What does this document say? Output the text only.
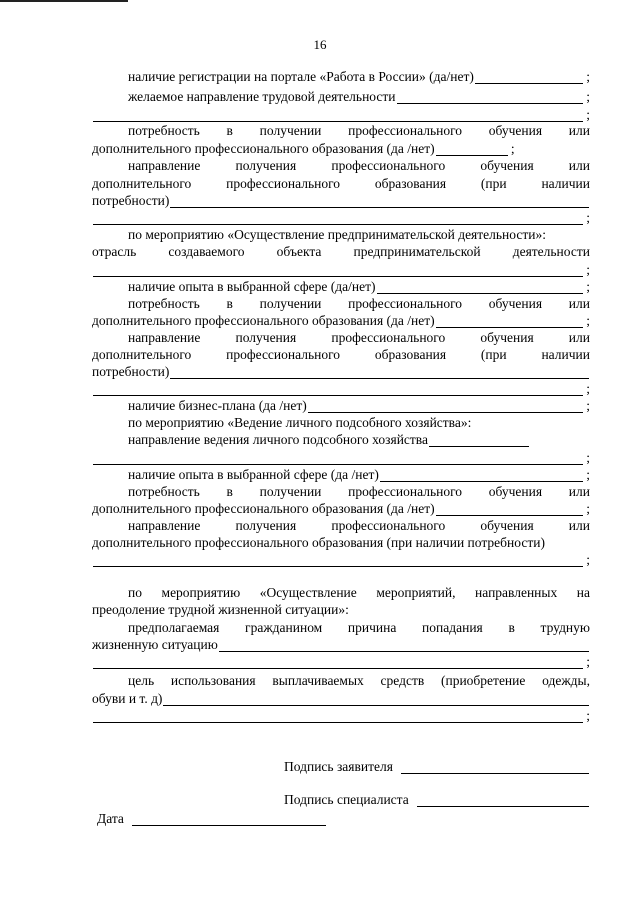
16
наличие регистрации на портале «Работа в России» (да/нет)	;
желаемое направление трудовой деятельности	;
;
потребность в получении профессионального обучения или
дополнительного профессионального образования (да /нет)	;
направление получения профессионального обучения или
дополнительного профессионального образования (при наличии
потребности)
;
по мероприятию «Осуществление предпринимательской деятельности»:
отрасль создаваемого объекта предпринимательской деятельности
;
наличие опыта в выбранной сфере (да/нет)	;
потребность в получении профессионального обучения или
дополнительного профессионального образования (да /нет)	;
направление получения профессионального обучения или
дополнительного профессионального образования (при наличии
потребности)
;
наличие бизнес-плана (да /нет)	;
по мероприятию «Ведение личного подсобного хозяйства»:
направление ведения личного подсобного хозяйства
;
наличие опыта в выбранной сфере (да /нет)	;
потребность в получении профессионального обучения или
дополнительного профессионального образования (да /нет)	;
направление получения профессионального обучения или
дополнительного профессионального образования (при наличии потребности)
;
по мероприятию «Осуществление мероприятий, направленных на
преодоление трудной жизненной ситуации»:
предполагаемая гражданином причина попадания в трудную
жизненную ситуацию
;
цель использования выплачиваемых средств (приобретение одежды,
обуви и т. д)
;
Подпись заявителя
Подпись специалиста
Дата
